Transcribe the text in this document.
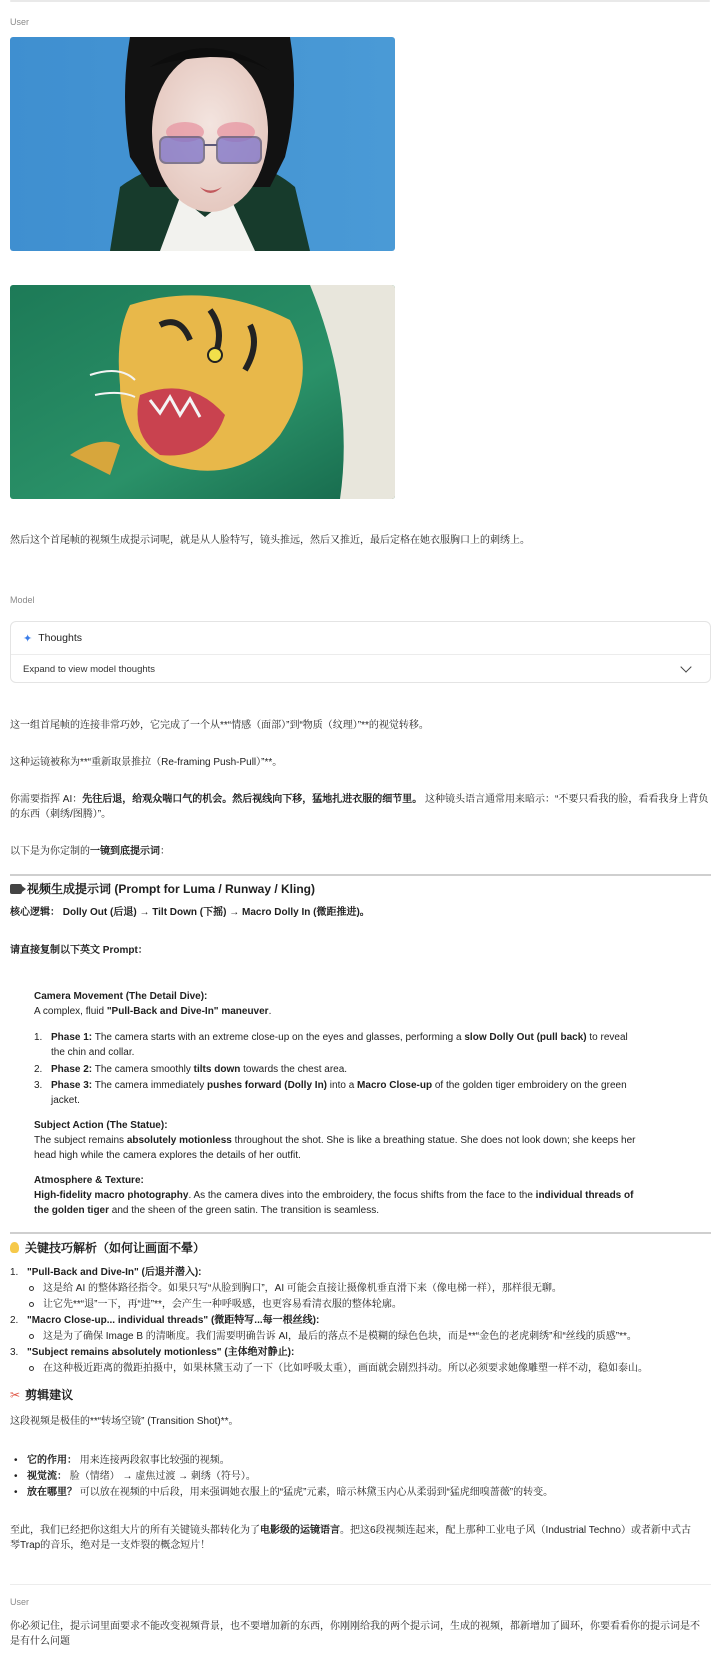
User
然后这个首尾帧的视频生成提示词呢，就是从人脸特写，镜头推远，然后又推近，最后定格在她衣服胸口上的刺绣上。
Model
✦ Thoughts
Expand to view model thoughts
这一组首尾帧的连接非常巧妙，它完成了一个从**“情感（面部）”到“物质（纹理）”**的视觉转移。
这种运镜被称为**“重新取景推拉（Re-framing Push-Pull）”**。
你需要指挥 AI：先往后退，给观众喘口气的机会。然后视线向下移，猛地扎进衣服的细节里。 这种镜头语言通常用来暗示：“不要只看我的脸，看看我身上背负的东西（刺绣/图腾）”。
以下是为你定制的一镜到底提示词：
视频生成提示词 (Prompt for Luma / Runway / Kling)
核心逻辑： Dolly Out (后退) → Tilt Down (下摇) → Macro Dolly In (微距推进)。
请直接复制以下英文 Prompt：
Camera Movement (The Detail Dive):
A complex, fluid "Pull-Back and Dive-In" maneuver.
1. Phase 1: The camera starts with an extreme close-up on the eyes and glasses, performing a slow Dolly Out (pull back) to reveal
the chin and collar.
2. Phase 2: The camera smoothly tilts down towards the chest area.
3. Phase 3: The camera immediately pushes forward (Dolly In) into a Macro Close-up of the golden tiger embroidery on the green
jacket.
Subject Action (The Statue):
The subject remains absolutely motionless throughout the shot. She is like a breathing statue. She does not look down; she keeps her
head high while the camera explores the details of her outfit.
Atmosphere & Texture:
High-fidelity macro photography. As the camera dives into the embroidery, the focus shifts from the face to the individual threads of
the golden tiger and the sheen of the green satin. The transition is seamless.
关键技巧解析（如何让画面不晕）
1. "Pull-Back and Dive-In" (后退并潜入):
这是给 AI 的整体路径指令。如果只写“从脸到胸口”，AI 可能会直接让摄像机垂直滑下来（像电梯一样），那样很无聊。
让它先**“退”一下，再“进”**，会产生一种呼吸感，也更容易看清衣服的整体轮廓。
2. "Macro Close-up... individual threads" (微距特写...每一根丝线):
这是为了确保 Image B 的清晰度。我们需要明确告诉 AI，最后的落点不是模糊的绿色色块，而是**“金色的老虎刺绣”和“丝线的质感”**。
3. "Subject remains absolutely motionless" (主体绝对静止):
在这种极近距离的微距拍摄中，如果林黛玉动了一下（比如呼吸太重），画面就会剧烈抖动。所以必须要求她像雕塑一样不动，稳如泰山。
✂ 剪辑建议
这段视频是极佳的**“转场空镜” (Transition Shot)**。
• 它的作用： 用来连接两段叙事比较强的视频。
• 视觉流： 脸（情绪） → 虚焦过渡 → 刺绣（符号）。
• 放在哪里？ 可以放在视频的中后段，用来强调她衣服上的“猛虎”元素，暗示林黛玉内心从柔弱到“猛虎细嗅蔷薇”的转变。
至此，我们已经把你这组大片的所有关键镜头都转化为了电影级的运镜语言。把这6段视频连起来，配上那种工业电子风（Industrial Techno）或者新中式古
琴Trap的音乐，绝对是一支炸裂的概念短片！
User
你必须记住，提示词里面要求不能改变视频背景，也不要增加新的东西，你刚刚给我的两个提示词，生成的视频，都新增加了圆环，你要看看你的提示词是不
是有什么问题
